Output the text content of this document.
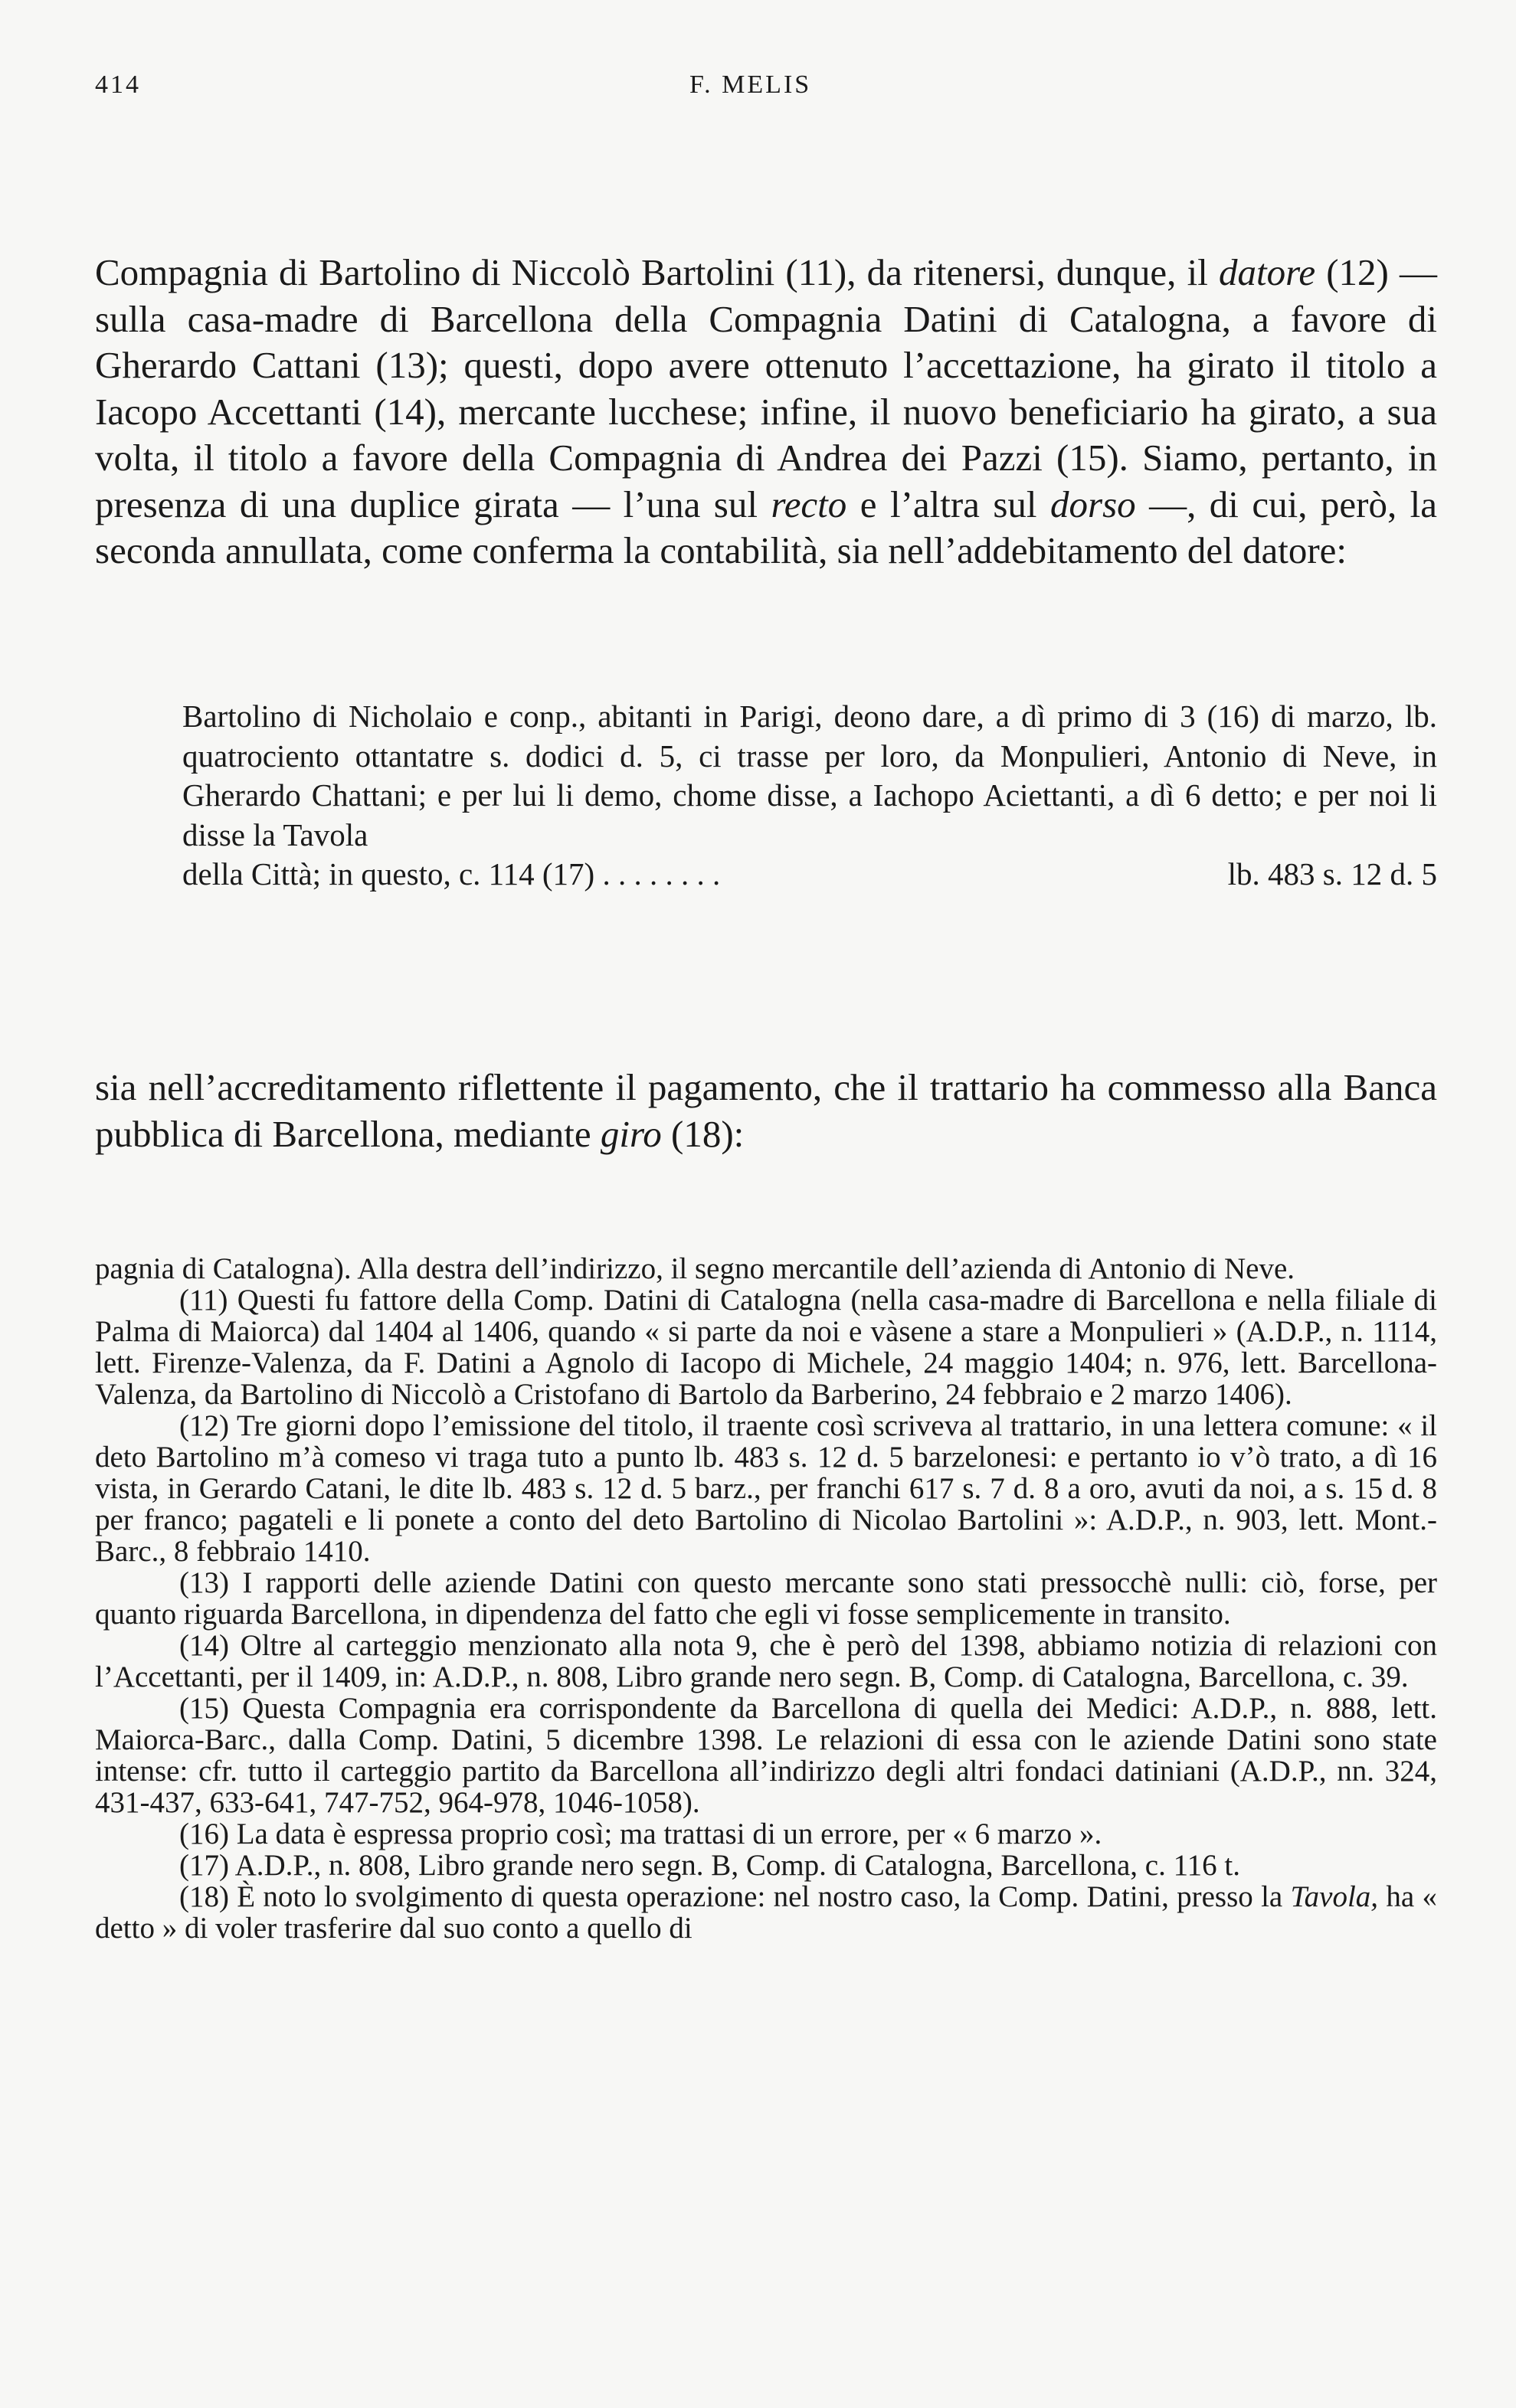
414	F. MELIS
Compagnia di Bartolino di Niccolò Bartolini (11), da ritenersi, dunque, il datore (12) — sulla casa-madre di Barcellona della Compagnia Datini di Catalogna, a favore di Gherardo Cattani (13); questi, dopo avere ottenuto l’accettazione, ha girato il titolo a Iacopo Accettanti (14), mercante lucchese; infine, il nuovo beneficiario ha girato, a sua volta, il titolo a favore della Compagnia di Andrea dei Pazzi (15). Siamo, pertanto, in presenza di una duplice girata — l’una sul recto e l’altra sul dorso —, di cui, però, la seconda annullata, come conferma la contabilità, sia nell’addebitamento del datore:
Bartolino di Nicholaio e conp., abitanti in Parigi, deono dare, a dì primo di 3 (16) di marzo, lb. quatrociento ottantatre s. dodici d. 5, ci trasse per loro, da Monpulieri, Antonio di Neve, in Gherardo Chattani; e per lui li demo, chome disse, a Iachopo Aciettanti, a dì 6 detto; e per noi li disse la Tavola
della Città; in questo, c. 114 (17) . . . . . . . .	lb. 483 s. 12 d. 5
sia nell’accreditamento riflettente il pagamento, che il trattario ha commesso alla Banca pubblica di Barcellona, mediante giro (18):

pagnia di Catalogna). Alla destra dell’indirizzo, il segno mercantile dell’azienda di Antonio di Neve.

(11) Questi fu fattore della Comp. Datini di Catalogna (nella casa-madre di Barcellona e nella filiale di Palma di Maiorca) dal 1404 al 1406, quando « si parte da noi e vàsene a stare a Monpulieri » (A.D.P., n. 1114, lett. Firenze-Valenza, da F. Datini a Agnolo di Iacopo di Michele, 24 maggio 1404; n. 976, lett. Barcellona-Valenza, da Bartolino di Niccolò a Cristofano di Bartolo da Barberino, 24 febbraio e 2 marzo 1406).

(12) Tre giorni dopo l’emissione del titolo, il traente così scriveva al trattario, in una lettera comune: « il deto Bartolino m’à comeso vi traga tuto a punto lb. 483 s. 12 d. 5 barzelonesi: e pertanto io v’ò trato, a dì 16 vista, in Gerardo Catani, le dite lb. 483 s. 12 d. 5 barz., per franchi 617 s. 7 d. 8 a oro, avuti da noi, a s. 15 d. 8 per franco; pagateli e li ponete a conto del deto Bartolino di Nicolao Bartolini »: A.D.P., n. 903, lett. Mont.-Barc., 8 febbraio 1410.

(13) I rapporti delle aziende Datini con questo mercante sono stati pressocchè nulli: ciò, forse, per quanto riguarda Barcellona, in dipendenza del fatto che egli vi fosse semplicemente in transito.

(14) Oltre al carteggio menzionato alla nota 9, che è però del 1398, abbiamo notizia di relazioni con l’Accettanti, per il 1409, in: A.D.P., n. 808, Libro grande nero segn. B, Comp. di Catalogna, Barcellona, c. 39.

(15) Questa Compagnia era corrispondente da Barcellona di quella dei Medici: A.D.P., n. 888, lett. Maiorca-Barc., dalla Comp. Datini, 5 dicembre 1398. Le relazioni di essa con le aziende Datini sono state intense: cfr. tutto il carteggio partito da Barcellona all’indirizzo degli altri fondaci datiniani (A.D.P., nn. 324, 431-437, 633-641, 747-752, 964-978, 1046-1058).

(16) La data è espressa proprio così; ma trattasi di un errore, per « 6 marzo ».

(17) A.D.P., n. 808, Libro grande nero segn. B, Comp. di Catalogna, Barcellona, c. 116 t.

(18) È noto lo svolgimento di questa operazione: nel nostro caso, la Comp. Datini, presso la Tavola, ha « detto » di voler trasferire dal suo conto a quello di
